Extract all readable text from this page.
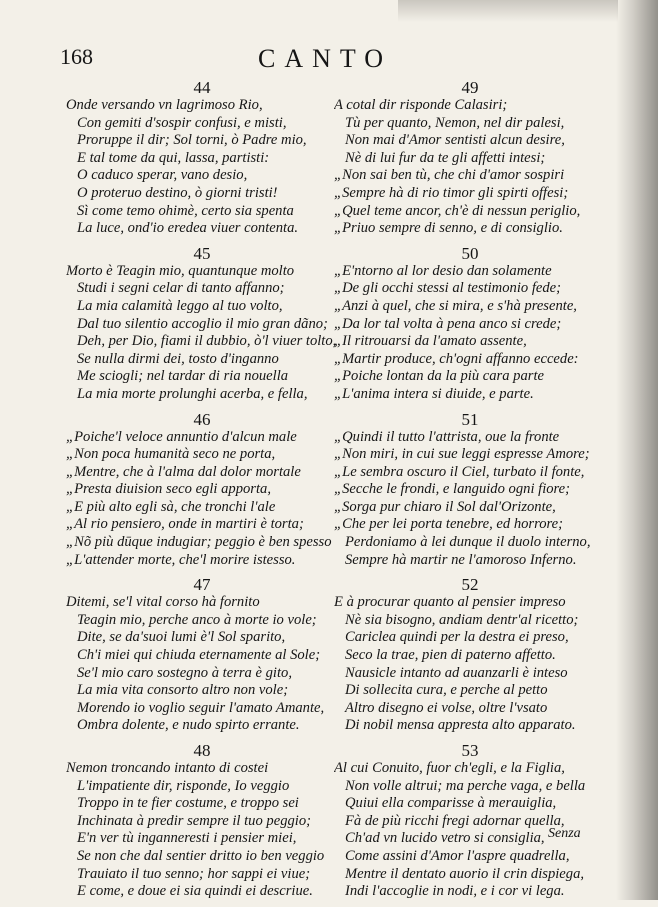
168	CANTO
44
Onde versando vn lagrimoso Rio,
Con gemiti d'sospir confusi, e misti,
Proruppe il dir; Sol torni, ò Padre mio,
E tal tome da qui, lassa, partisti:
O caduco sperar, vano desio,
O proteruo destino, ò giorni tristi!
Sì come temo ohimè, certo sia spenta
La luce, ond'io eredea viuer contenta.
45
Morto è Teagin mio, quantunque molto
Studi i segni celar di tanto affanno;
La mia calamità leggo al tuo volto,
Dal tuo silentio accoglio il mio gran dãno;
Deh, per Dio, fiami il dubbio, ò'l viuer tolto,
Se nulla dirmi dei, tosto d'inganno
Me sciogli; nel tardar di ria nouella
La mia morte prolunghi acerba, e fella,
46
„Poiche'l veloce annuntio d'alcun male
„Non poca humanità seco ne porta,
„Mentre, che à l'alma dal dolor mortale
„Presta diuision seco egli apporta,
„E più alto egli sà, che tronchi l'ale
„Al rio pensiero, onde in martiri è torta;
„Nõ più dūque indugiar; peggio è ben spesso
„L'attender morte, che'l morire istesso.
47
Ditemi, se'l vital corso hà fornito
Teagin mio, perche anco à morte io vole;
Dite, se da'suoi lumi è'l Sol sparito,
Ch'i miei qui chiuda eternamente al Sole;
Se'l mio caro sostegno à terra è gito,
La mia vita consorto altro non vole;
Morendo io voglio seguir l'amato Amante,
Ombra dolente, e nudo spirto errante.
48
Nemon troncando intanto di costei
L'impatiente dir, risponde, Io veggio
Troppo in te fier costume, e troppo sei
Inchinata à predir sempre il tuo peggio;
E'n ver tù inganneresti i pensier miei,
Se non che dal sentier dritto io ben veggio
Trauiato il tuo senno; hor sappi ei viue;
E come, e doue ei sia quindi ei descriue.
49
A cotal dir risponde Calasiri;
Tù per quanto, Nemon, nel dir palesi,
Non mai d'Amor sentisti alcun desire,
Nè di lui fur da te gli affetti intesi;
„Non sai ben tù, che chi d'amor sospiri
„Sempre hà di rio timor gli spirti offesi;
„Quel teme ancor, ch'è di nessun periglio,
„Priuo sempre di senno, e di consiglio.
50
„E'ntorno al lor desio dan solamente
„De gli occhi stessi al testimonio fede;
„Anzi à quel, che si mira, e s'hà presente,
„Da lor tal volta à pena anco si crede;
„Il ritrouarsi da l'amato assente,
„Martir produce, ch'ogni affanno eccede:
„Poiche lontan da la più cara parte
„L'anima intera si diuide, e parte.
51
„Quindi il tutto l'attrista, oue la fronte
„Non miri, in cui sue leggi espresse Amore;
„Le sembra oscuro il Ciel, turbato il fonte,
„Secche le frondi, e languido ogni fiore;
„Sorga pur chiaro il Sol dal'Orizonte,
„Che per lei porta tenebre, ed horrore;
Perdoniamo à lei dunque il duolo interno,
Sempre hà martir ne l'amoroso Inferno.
52
E à procurar quanto al pensier impreso
Nè sia bisogno, andiam dentr'al ricetto;
Cariclea quindi per la destra ei preso,
Seco la trae, pien di paterno affetto.
Nausicle intanto ad auanzarli è inteso
Di sollecita cura, e perche al petto
Altro disegno ei volse, oltre l'vsato
Di nobil mensa appresta alto apparato.
53
Al cui Conuito, fuor ch'egli, e la Figlia,
Non volle altrui; ma perche vaga, e bella
Quiui ella comparisse à merauiglia,
Fà de più ricchi fregi adornar quella,
Ch'ad vn lucido vetro si consiglia,
Come assini d'Amor l'aspre quadrella,
Mentre il dentato auorio il crin dispiega,
Indi l'accoglie in nodi, e i cor vi lega.
Senza
